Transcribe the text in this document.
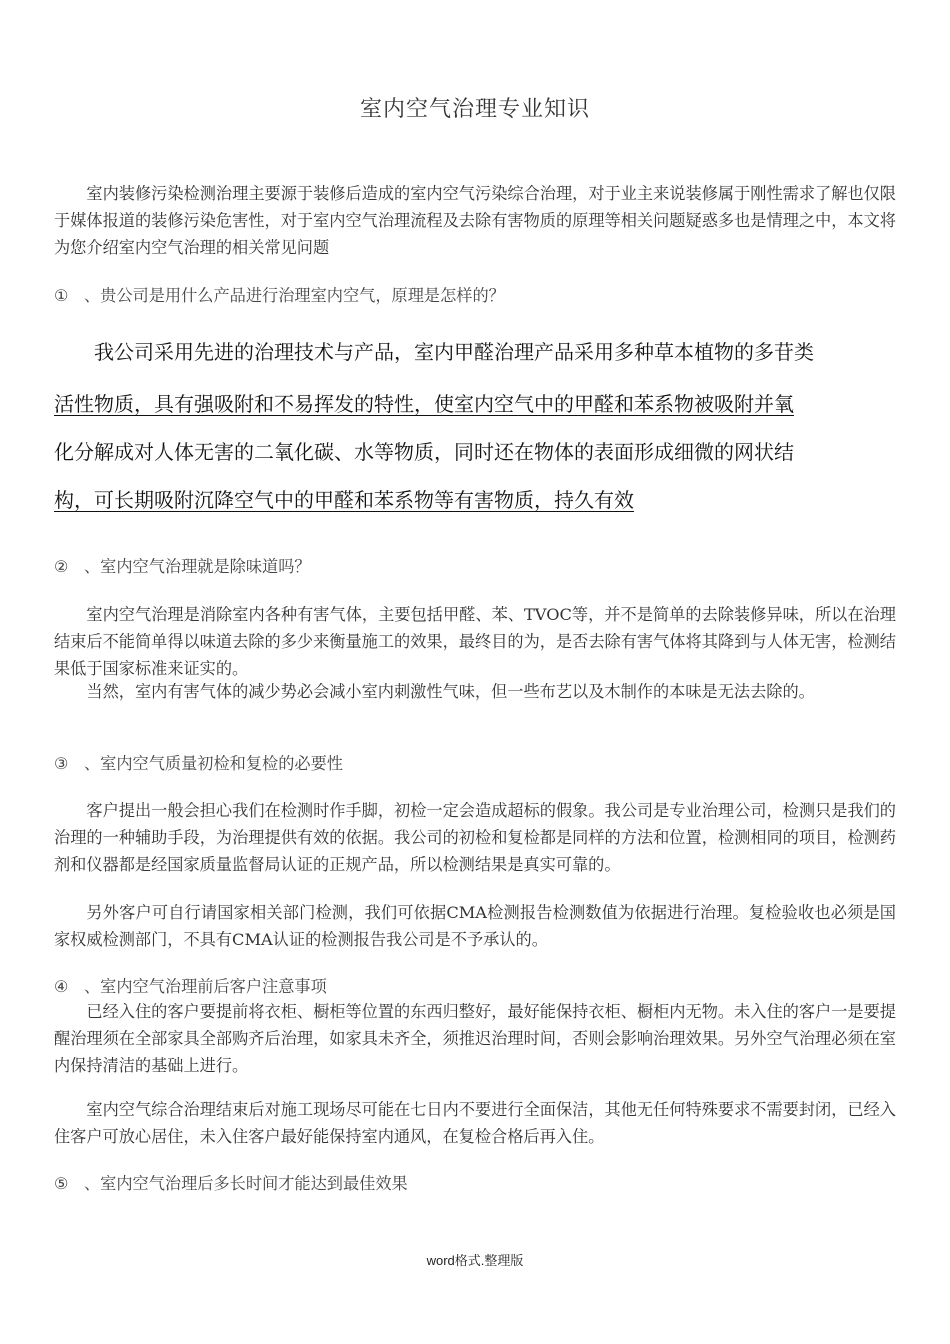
室内空气治理专业知识

室内装修污染检测治理主要源于装修后造成的室内空气污染综合治理，对于业主来说装修属于刚性需求了解也仅限于媒体报道的装修污染危害性，对于室内空气治理流程及去除有害物质的原理等相关问题疑惑多也是情理之中，本文将为您介绍室内空气治理的相关常见问题

① 、贵公司是用什么产品进行治理室内空气，原理是怎样的？
我公司采用先进的治理技术与产品，室内甲醛治理产品采用多种草本植物的多苷类
活性物质，具有强吸附和不易挥发的特性，使室内空气中的甲醛和苯系物被吸附并氧
化分解成对人体无害的二氧化碳、水等物质，同时还在物体的表面形成细微的网状结
构，可长期吸附沉降空气中的甲醛和苯系物等有害物质，持久有效
② 、室内空气治理就是除味道吗？

室内空气治理是消除室内各种有害气体，主要包括甲醛、苯、TVOC等，并不是简单的去除装修异味，所以在治理结束后不能简单得以味道去除的多少来衡量施工的效果，最终目的为，是否去除有害气体将其降到与人体无害，检测结果低于国家标准来证实的。

当然，室内有害气体的减少势必会减小室内刺激性气味，但一些布艺以及木制作的本味是无法去除的。

③ 、室内空气质量初检和复检的必要性

客户提出一般会担心我们在检测时作手脚，初检一定会造成超标的假象。我公司是专业治理公司，检测只是我们的治理的一种辅助手段，为治理提供有效的依据。我公司的初检和复检都是同样的方法和位置，检测相同的项目，检测药剂和仪器都是经国家质量监督局认证的正规产品，所以检测结果是真实可靠的。

另外客户可自行请国家相关部门检测，我们可依据CMA检测报告检测数值为依据进行治理。复检验收也必须是国家权威检测部门，不具有CMA认证的检测报告我公司是不予承认的。

④ 、室内空气治理前后客户注意事项

已经入住的客户要提前将衣柜、橱柜等位置的东西归整好，最好能保持衣柜、橱柜内无物。未入住的客户一是要提醒治理须在全部家具全部购齐后治理，如家具未齐全，须推迟治理时间，否则会影响治理效果。另外空气治理必须在室内保持清洁的基础上进行。

室内空气综合治理结束后对施工现场尽可能在七日内不要进行全面保洁，其他无任何特殊要求不需要封闭，已经入住客户可放心居住，未入住客户最好能保持室内通风，在复检合格后再入住。

⑤ 、室内空气治理后多长时间才能达到最佳效果
word格式.整理版
